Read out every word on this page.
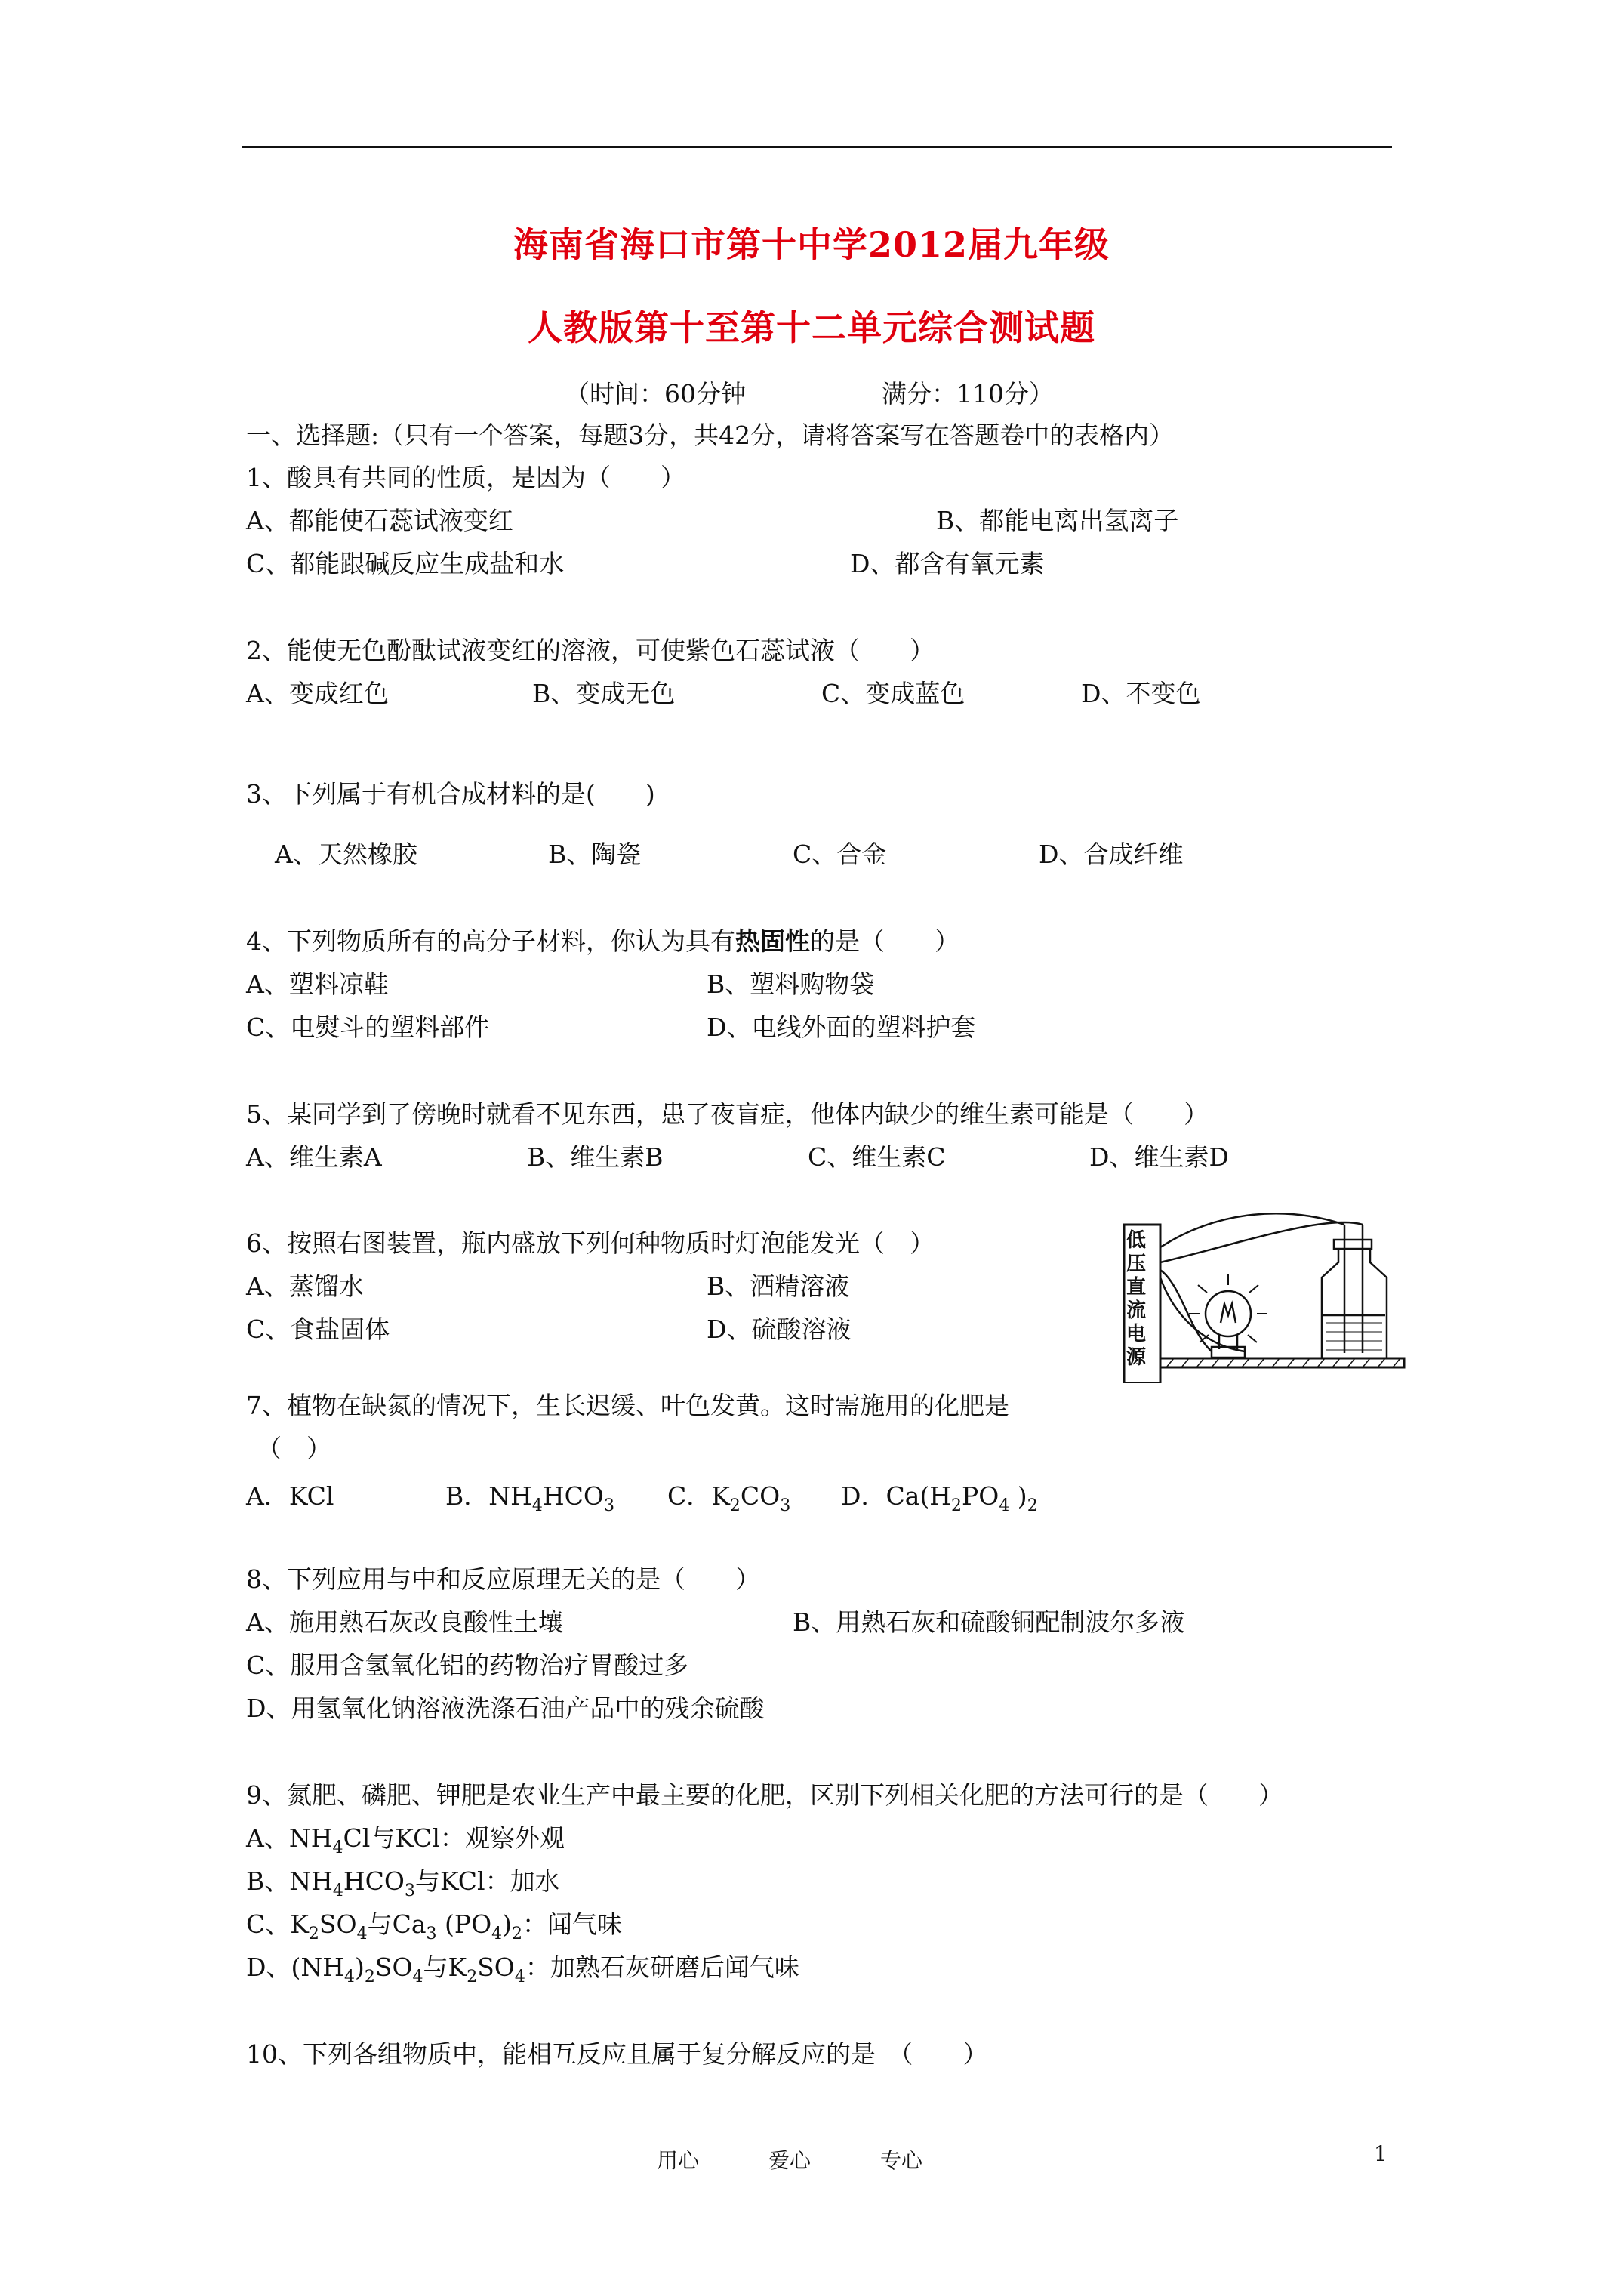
海南省海口市第十中学2012届九年级
人教版第十至第十二单元综合测试题
（时间：60分钟	满分：110分）
一、选择题:（只有一个答案，每题3分，共42分，请将答案写在答题卷中的表格内）
1、酸具有共同的性质，是因为（　　）
A、都能使石蕊试液变红	B、都能电离出氢离子
C、都能跟碱反应生成盐和水	D、都含有氧元素
2、能使无色酚酞试液变红的溶液，可使紫色石蕊试液（　　）
A、变成红色	B、变成无色	C、变成蓝色	D、不变色
3、下列属于有机合成材料的是(　　)
A、天然橡胶	B、陶瓷	C、合金	D、合成纤维
4、下列物质所有的高分子材料，你认为具有热固性的是（　　）
A、塑料凉鞋	B、塑料购物袋
C、电熨斗的塑料部件	D、电线外面的塑料护套
5、某同学到了傍晚时就看不见东西，患了夜盲症，他体内缺少的维生素可能是（　　）
A、维生素A	B、维生素B	C、维生素C	D、维生素D
6、按照右图装置，瓶内盛放下列何种物质时灯泡能发光（　）
A、蒸馏水	B、酒精溶液
C、食盐固体	D、硫酸溶液
低压直流电源
7、植物在缺氮的情况下，生长迟缓、叶色发黄。这时需施用的化肥是
（　）
A．KCl	B．$NH_4HCO_3$ C．$K_2CO_3$ D．$Ca(H_2PO_4$ )$_2$
8、下列应用与中和反应原理无关的是（　　）
A、施用熟石灰改良酸性土壤	B、用熟石灰和硫酸铜配制波尔多液
C、服用含氢氧化铝的药物治疗胃酸过多
D、用氢氧化钠溶液洗涤石油产品中的残余硫酸
9、氮肥、磷肥、钾肥是农业生产中最主要的化肥，区别下列相关化肥的方法可行的是（　　）
A、$NH_4Cl$与KCl：观察外观
B、$NH_4HCO_3$与KCl：加水
C、$K_2SO_4$与$Ca_3$ $(PO_4)_2$：闻气味
D、$(NH_4)_2SO_4$与$K_2SO_4$：加熟石灰研磨后闻气味
10、下列各组物质中，能相互反应且属于复分解反应的是　（　　）
用心	爱心	专心	1
